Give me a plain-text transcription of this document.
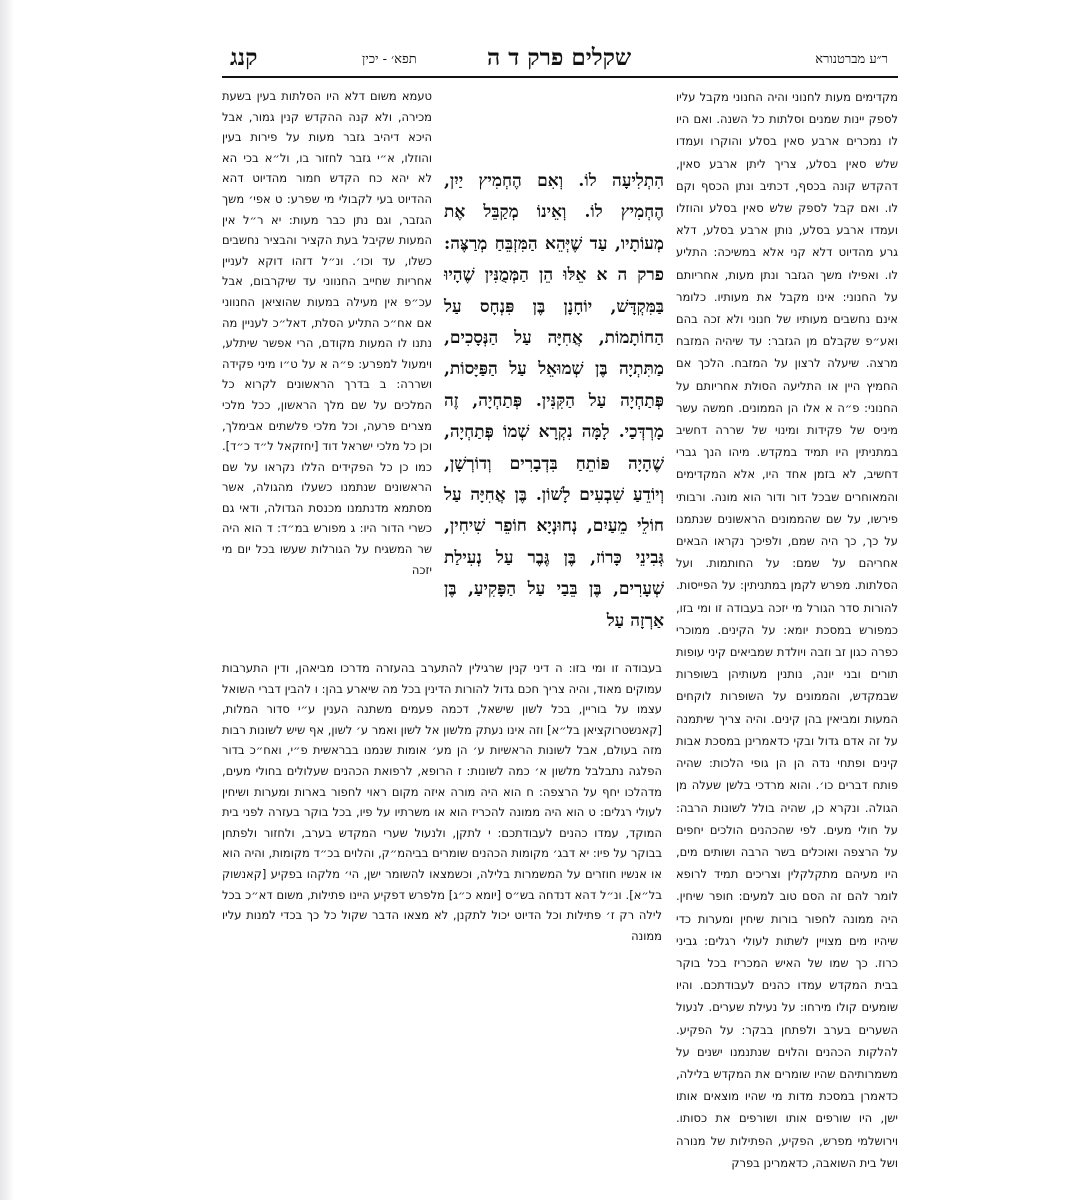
קנג	תפא׳ - יכין	שקלים פרק ד ה	ר״ע מברטנורא
מקדימים מעות לחנוני והיה החנוני מקבל עליו לספק יינות שמנים וסלתות כל השנה. ואם היו לו נמכרים ארבע סאין בסלע והוקרו ועמדו שלש סאין בסלע, צריך ליתן ארבע סאין, דהקדש קונה בכסף, דכתיב ונתן הכסף וקם לו. ואם קבל לספק שלש סאין בסלע והוזלו ועמדו ארבע בסלע, נותן ארבע בסלע, דלא גרע מהדיוט דלא קני אלא במשיכה: התליע לו. ואפילו משך הגזבר ונתן מעות, אחריותם על החנוני: אינו מקבל את מעותיו. כלומר אינם נחשבים מעותיו של חנוני ולא זכה בהם ואע״פ שקבלם מן הגזבר: עד שיהיה המזבח מרצה. שיעלה לרצון על המזבח. הלכך אם החמיץ היין או התליעה הסולת אחריותם על החנוני: פ״ה א אלו הן הממונים. חמשה עשר מיניס של פקידות ומינוי של שררה דחשיב במתניתין היו תמיד במקדש. מיהו הנך גברי דחשיב, לא בזמן אחד היו, אלא המקדימים והמאוחרים שבכל דור ודור הוא מונה. ורבותי פירשו, על שם שהממונים הראשונים שנתמנו על כך, כך היה שמם, ולפיכך נקראו הבאים אחריהם על שמם: על החותמות. ועל הסלתות. מפרש לקמן במתניתין: על הפייסות. להורות סדר הגורל מי יזכה בעבודה זו ומי בזו, כמפורש במסכת יומא: על הקינים. ממוכרי כפרה כגון זב וזבה ויולדת שמביאים קיני עופות תורים ובני יונה, נותנין מעותיהן בשופרות שבמקדש, והממונים על השופרות לוקחים המעות ומביאין בהן קינים. והיה צריך שיתמנה על זה אדם גדול ובקי כדאמרינן במסכת אבות קינים ופתחי נדה הן הן גופי הלכות: שהיה פותח דברים כו׳. והוא מרדכי בלשן שעלה מן הגולה. ונקרא כן, שהיה בולל לשונות הרבה: על חולי מעים. לפי שהכהנים הולכים יחפים על הרצפה ואוכלים בשר הרבה ושותים מים, היו מעיהם מתקלקלין וצריכים תמיד לרופא לומר להם זה הסם טוב למעים: חופר שיחין. היה ממונה לחפור בורות שיחין ומערות כדי שיהיו מים מצויין לשתות לעולי רגלים: גביני כרוז. כך שמו של האיש המכריז בכל בוקר בבית המקדש עמדו כהנים לעבודתכם. והיו שומעים קולו מירחו: על נעילת שערים. לנעול השערים בערב ולפתחן בבקר: על הפקיע. להלקות הכהנים והלוים שנתנמנו ישנים על משמרותיהם שהיו שומרים את המקדש בלילה, כדאמרן במסכת מדות מי שהיו מוצאים אותו ישן, היו שורפים אותו ושורפים את כסותו. וירושלמי מפרש, הפקיע, הפתילות של מנורה ושל בית השואבה, כדאמרינן בפרק
הִתְלִיעָה לוֹ. וְאִם הֶחְמִיץ יַיִן, הֶחְמִיץ לוֹ. וְאֵינוֹ מְקַבֵּל אֶת מְעוֹתָיו, עַד שֶׁיְּהֵא הַמִּזְבֵּחַ מְרַצֶּה: פרק ה א אֵלּוּ הֵן הַמְּמֻנִּין שֶׁהָיוּ בַּמִּקְדָּשׁ, יוֹחָנָן בֶּן פִּנְחָס עַל הַחוֹתָמוֹת, אֲחִיָּה עַל הַנְּסָכִים, מַתִּתְיָה בֶּן שְׁמוּאֵל עַל הַפַּיָּסוֹת, פְּתַחְיָה עַל הַקִּנִּין. פְּתַחְיָה, זֶה מָרְדְּכַי. לָמָּה נִקְרָא שְׁמוֹ פְּתַחְיָה, שֶׁהָיָה פּוֹתֵחַ בִּדְבָרִים וְדוֹרְשָׁן, וְיוֹדֵעַ שִׁבְעִים לָשׁוֹן. בֶּן אֲחִיָּה עַל חוֹלֵי מֵעַיִם, נְחוּנְיָא חוֹפֵר שִׁיחִין, גְּבִינֵי כָּרוֹז, בֶּן גֶּבֶר עַל נְעִילַת שְׁעָרִים, בֶּן בֵּבַי עַל הַפָּקִיעַ, בֶּן אַרְזָה עַל
טעמא משום דלא היו הסלתות בעין בשעת מכירה, ולא קנה ההקדש קנין גמור, אבל היכא דיהיב גזבר מעות על פירות בעין והוזלו, א״י גזבר לחזור בו, ול״א בכי הא לא יהא כח הקדש חמור מהדיוט דהא ההדיוט בעי לקבולי מי שפרע: ט אפי׳ משך הגזבר, וגם נתן כבר מעות: יא ר״ל אין המעות שקיבל בעת הקציר והבציר נחשבים כשלו, עד וכו׳. ונ״ל דזהו דוקא לעניין אחריות שחייב החנווני עד שיקרבום, אבל עכ״פ אין מעילה במעות שהוציאן החנווני אם אח״כ התליע הסלת, דאל״כ לעניין מה נתנו לו המעות מקודם, הרי אפשר שיתלע, וימעול למפרע: פ״ה א על ט״ו מיני פקידה ושררה: ב בדרך הראשונים לקרוא כל המלכים על שם מלך הראשון, ככל מלכי מצרים פרעה, וכל מלכי פלשתים אבימלך, וכן כל מלכי ישראל דוד [יחזקאל ל״ד כ״ד]. כמו כן כל הפקידים הללו נקראו על שם הראשונים שנתמנו כשעלו מהגולה, אשר מסתמא מדנתמנו מכנסת הגדולה, ודאי גם כשרי הדור היו: ג מפורש במ״ד: ד הוא היה שר המשגיח על הגורלות שעשו בכל יום מי יזכה
בעבודה זו ומי בזו: ה דיני קנין שרגילין להתערב בהעזרה מדרכו מביאהן, ודין התערבות עמוקים מאוד, והיה צריך חכם גדול להורות הדינין בכל מה שיארע בהן: ו להבין דברי השואל עצמו על בוריין, בכל לשון שישאל, דכמה פעמים משתנה הענין ע״י סדור המלות, [קאנשטרוקציאן בל״א] וזה אינו נעתק מלשון אל לשון ואמר ע׳ לשון, אף שיש לשונות רבות מזה בעולם, אבל לשונות הראשיות ע׳ הן מע׳ אומות שנמנו בבראשית פ״י, ואח״כ בדור הפלגה נתבלבל מלשון א׳ כמה לשונות: ז הרופא, לרפואת הכהנים שעלולים בחולי מעים, מדהלכו יחף על הרצפה: ח הוא היה מורה איזה מקום ראוי לחפור בארות ומערות ושיחין לעולי רגלים: ט הוא היה ממונה להכריז הוא או משרתיו על פיו, בכל בוקר בעזרה לפני בית המוקד, עמדו כהנים לעבודתכם: י לתקן, ולנעול שערי המקדש בערב, ולחזור ולפתחן בבוקר על פיו: יא דבג׳ מקומות הכהנים שומרים בביהמ״ק, והלוים בכ״ד מקומות, והיה הוא או אנשיו חוזרים על המשמרות בלילה, וכשמצאו להשומר ישן, הי׳ מלקהו בפקיע [קאנשוק בל״א]. ונ״ל דהא דנדחה בש״ס [יומא כ״ג] מלפרש דפקיע היינו פתילות, משום דא״כ בכל לילה רק ז׳ פתילות וכל הדיוט יכול לתקנן, לא מצאו הדבר שקול כל כך בכדי למנות עליו ממונה
